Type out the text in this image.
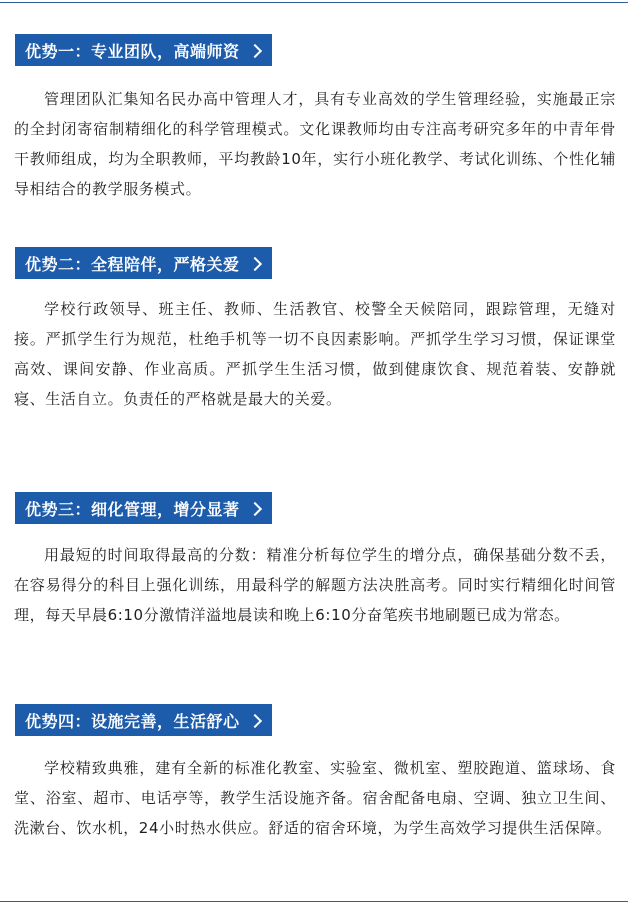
优势一：专业团队，高端师资

管理团队汇集知名民办高中管理人才，具有专业高效的学生管理经验，实施最正宗的全封闭寄宿制精细化的科学管理模式。文化课教师均由专注高考研究多年的中青年骨干教师组成，均为全职教师，平均教龄10年，实行小班化教学、考试化训练、个性化辅导相结合的教学服务模式。

优势二：全程陪伴，严格关爱

学校行政领导、班主任、教师、生活教官、校警全天候陪同，跟踪管理，无缝对接。严抓学生行为规范，杜绝手机等一切不良因素影响。严抓学生学习习惯，保证课堂高效、课间安静、作业高质。严抓学生生活习惯，做到健康饮食、规范着装、安静就寝、生活自立。负责任的严格就是最大的关爱。

优势三：细化管理，增分显著

用最短的时间取得最高的分数：精准分析每位学生的增分点，确保基础分数不丢，在容易得分的科目上强化训练，用最科学的解题方法决胜高考。同时实行精细化时间管理，每天早晨6:10分激情洋溢地晨读和晚上6:10分奋笔疾书地刷题已成为常态。

优势四：设施完善，生活舒心

学校精致典雅，建有全新的标准化教室、实验室、微机室、塑胶跑道、篮球场、食堂、浴室、超市、电话亭等，教学生活设施齐备。宿舍配备电扇、空调、独立卫生间、洗漱台、饮水机，24小时热水供应。舒适的宿舍环境，为学生高效学习提供生活保障。
